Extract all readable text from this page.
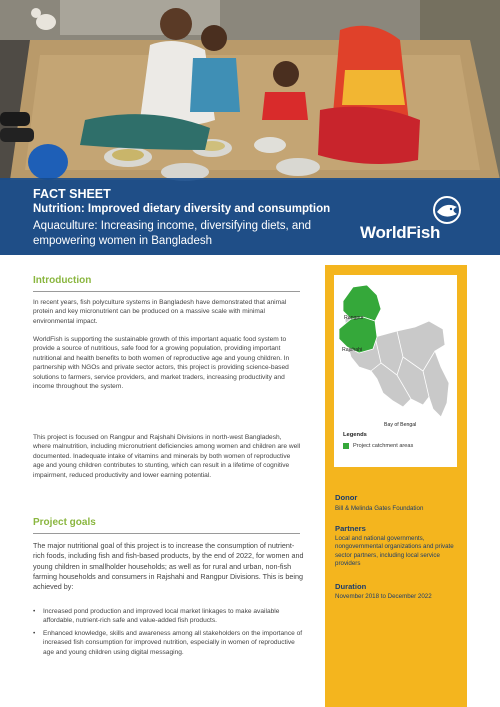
FACT SHEET
Nutrition: Improved dietary diversity and consumption
Aquaculture: Increasing income, diversifying diets, and empowering women in Bangladesh	WorldFish
Introduction

In recent years, fish polyculture systems in Bangladesh have demonstrated that animal protein and key micronutrient can be produced on a massive scale with minimal environmental impact.

WorldFish is supporting the sustainable growth of this important aquatic food system to provide a source of nutritious, safe food for a growing population, providing important nutritional and health benefits to both women of reproductive age and young children. In partnership with NGOs and private sector actors, this project is providing science-based solutions to farmers, service providers, and market traders, increasing productivity and income throughout the system.

This project is focused on Rangpur and Rajshahi Divisions in north-west Bangladesh, where malnutrition, including micronutrient deficiencies among women and children are well documented. Inadequate intake of vitamins and minerals by both women of reproductive age and young children contributes to stunting, which can result in a lifetime of cognitive impairment, reduced productivity and lower earning potential.

Project goals

The major nutritional goal of this project is to increase the consumption of nutrient-rich foods, including fish and fish-based products, by the end of 2022, for women and young children in smallholder households; as well as for rural and urban, non-fish farming households and consumers in Rajshahi and Rangpur Divisions. This is being achieved by:

• Increased pond production and improved local market linkages to make available affordable, nutrient-rich safe and value-added fish products.
• Enhanced knowledge, skills and awareness among all stakeholders on the importance of increased fish consumption for improved nutrition, especially in women of reproductive age and young children using digital messaging.
Rangpur
Rajshahi
Bay of Bengal
Legends
Project catchment areas
Donor
Bill & Melinda Gates Foundation
Partners
Local and national governments, nongovernmental organizations and private sector partners, including local service providers
Duration
November 2018 to December 2022
